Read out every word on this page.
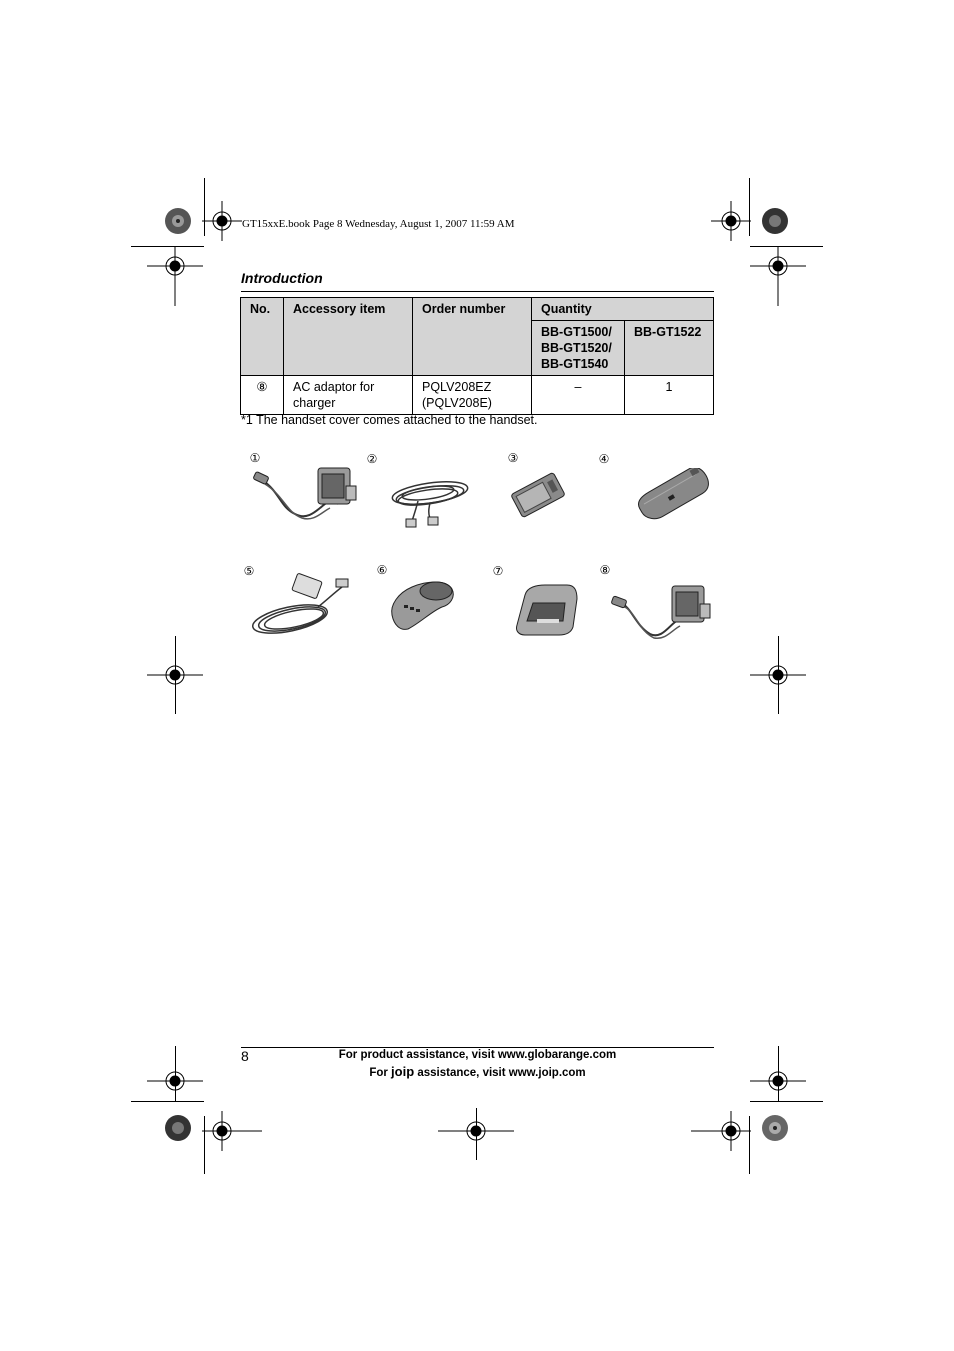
GT15xxE.book Page 8 Wednesday, August 1, 2007 11:59 AM
Introduction
No.	Accessory item	Order number	Quantity	
			BB-GT1500/ BB-GT1520/ BB-GT1540	BB-GT1522
⑧	AC adaptor for charger	PQLV208EZ (PQLV208E)	–	1
*1 The handset cover comes attached to the handset.
①	②	③	④
⑤	⑥	⑦	⑧
8	For product assistance, visit www.globarange.com
For joip assistance, visit www.joip.com
